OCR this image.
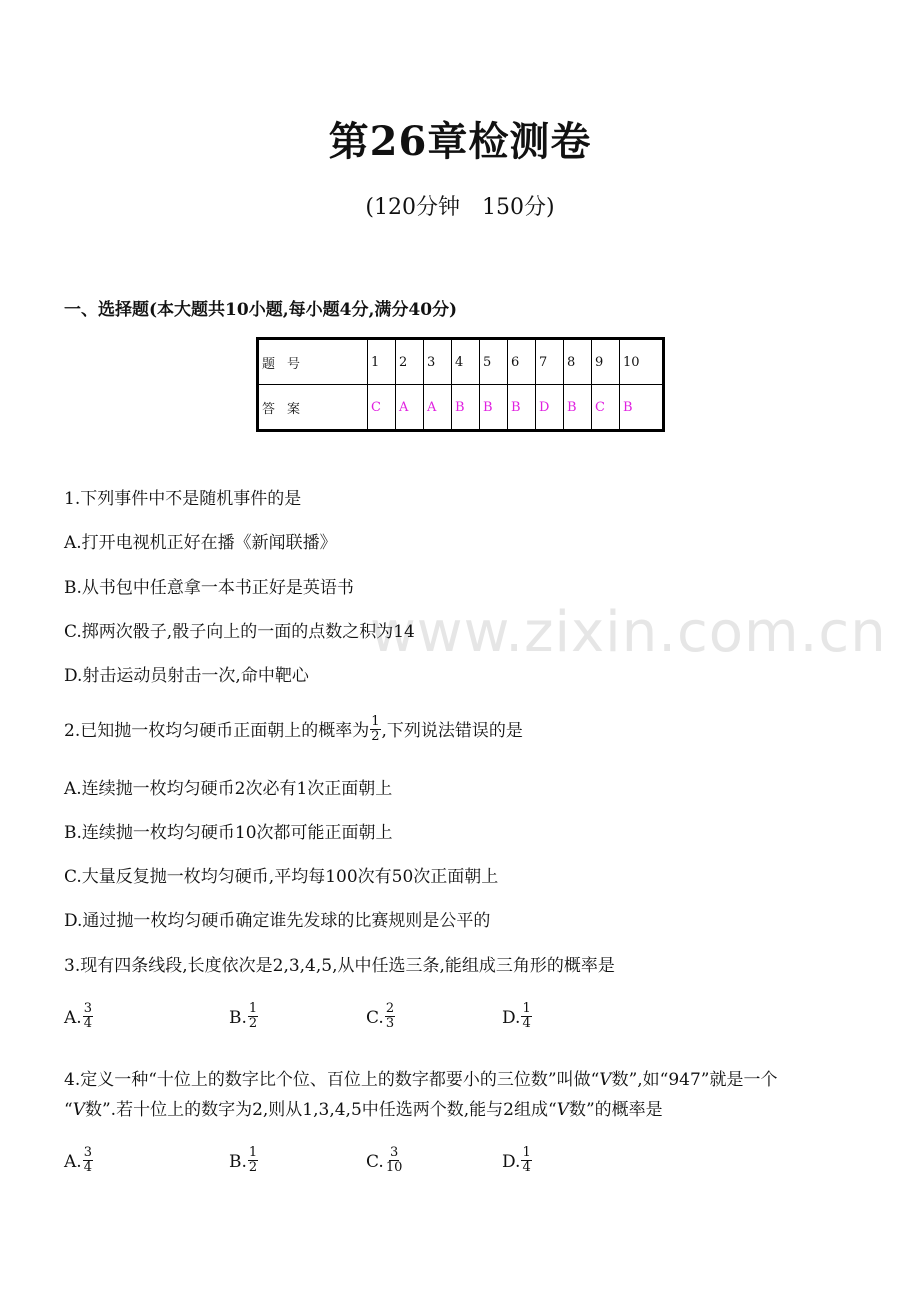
www.zixin.com.cn
第26章检测卷
(120分钟　150分)
一、选择题(本大题共10小题,每小题4分,满分40分)
题号	1	2	3	4	5	6	7	8	9	10
答案	C	A	A	B	B	B	D	B	C	B
1.下列事件中不是随机事件的是
A.打开电视机正好在播《新闻联播》
B.从书包中任意拿一本书正好是英语书
C.掷两次骰子,骰子向上的一面的点数之积为14
D.射击运动员射击一次,命中靶心
2.已知抛一枚均匀硬币正面朝上的概率为 $\frac{1}{2}$ ,下列说法错误的是
A.连续抛一枚均匀硬币2次必有1次正面朝上
B.连续抛一枚均匀硬币10次都可能正面朝上
C.大量反复抛一枚均匀硬币,平均每100次有50次正面朝上
D.通过抛一枚均匀硬币确定谁先发球的比赛规则是公平的
3.现有四条线段,长度依次是2,3,4,5,从中任选三条,能组成三角形的概率是
A. $\frac{3}{4}$	B. $\frac{1}{2}$	C. $\frac{2}{3}$	D. $\frac{1}{4}$
4.定义一种“十位上的数字比个位、百位上的数字都要小的三位数”叫做“V数”,如“947”就是一个
“V数”.若十位上的数字为2,则从1,3,4,5中任选两个数,能与2组成“V数”的概率是
A. $\frac{3}{4}$	B. $\frac{1}{2}$	C. $\frac{3}{10}$	D. $\frac{1}{4}$
